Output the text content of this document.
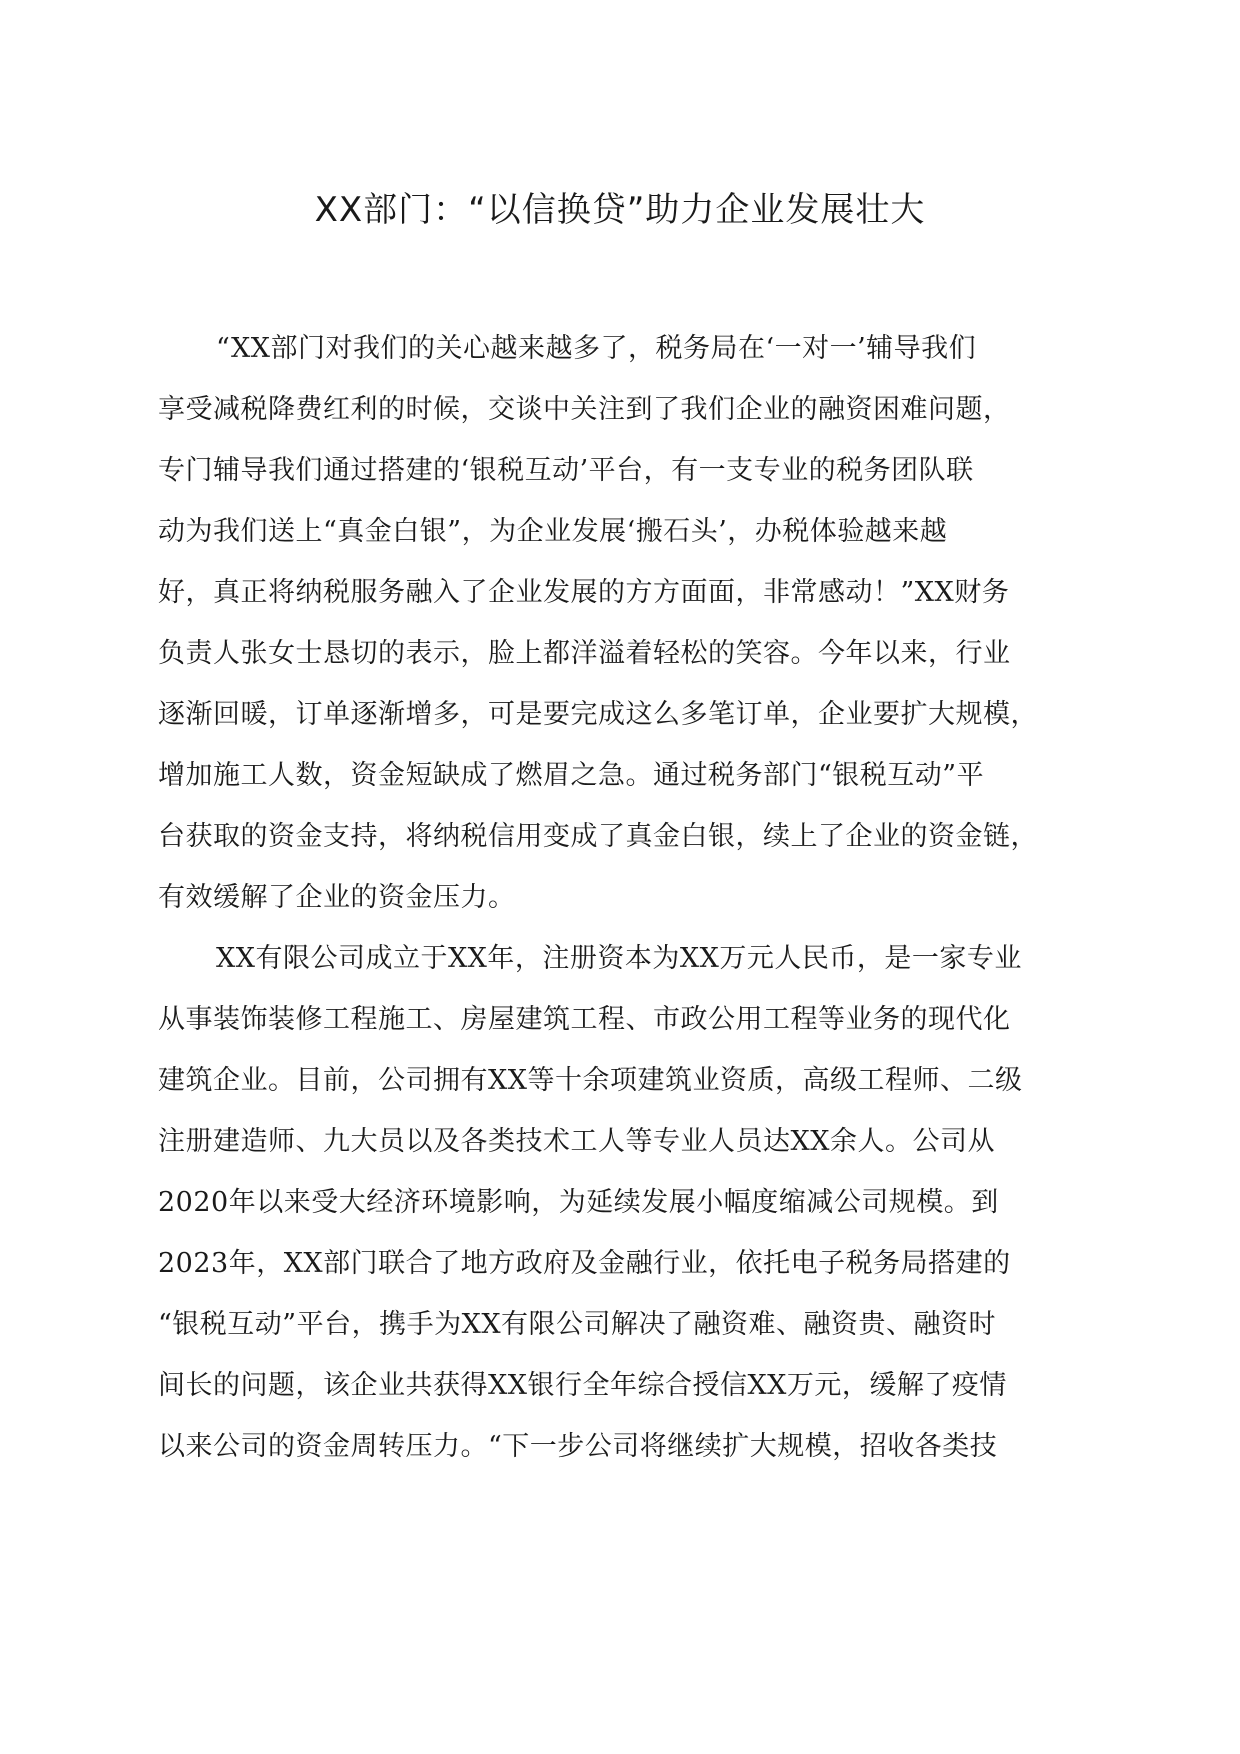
XX部门：“以信换贷”助力企业发展壮大

“XX部门对我们的关心越来越多了，税务局在‘一对一’辅导我们
享受减税降费红利的时候，交谈中关注到了我们企业的融资困难问题，
专门辅导我们通过搭建的‘银税互动’平台，有一支专业的税务团队联
动为我们送上“真金白银”，为企业发展‘搬石头’，办税体验越来越
好，真正将纳税服务融入了企业发展的方方面面，非常感动！”XX财务
负责人张女士恳切的表示，脸上都洋溢着轻松的笑容。今年以来，行业
逐渐回暖，订单逐渐增多，可是要完成这么多笔订单，企业要扩大规模，
增加施工人数，资金短缺成了燃眉之急。通过税务部门“银税互动”平
台获取的资金支持，将纳税信用变成了真金白银，续上了企业的资金链，
有效缓解了企业的资金压力。

XX有限公司成立于XX年，注册资本为XX万元人民币，是一家专业
从事装饰装修工程施工、房屋建筑工程、市政公用工程等业务的现代化
建筑企业。目前，公司拥有XX等十余项建筑业资质，高级工程师、二级
注册建造师、九大员以及各类技术工人等专业人员达XX余人。公司从
2020年以来受大经济环境影响，为延续发展小幅度缩减公司规模。到
2023年，XX部门联合了地方政府及金融行业，依托电子税务局搭建的
“银税互动”平台，携手为XX有限公司解决了融资难、融资贵、融资时
间长的问题，该企业共获得XX银行全年综合授信XX万元，缓解了疫情
以来公司的资金周转压力。“下一步公司将继续扩大规模，招收各类技
